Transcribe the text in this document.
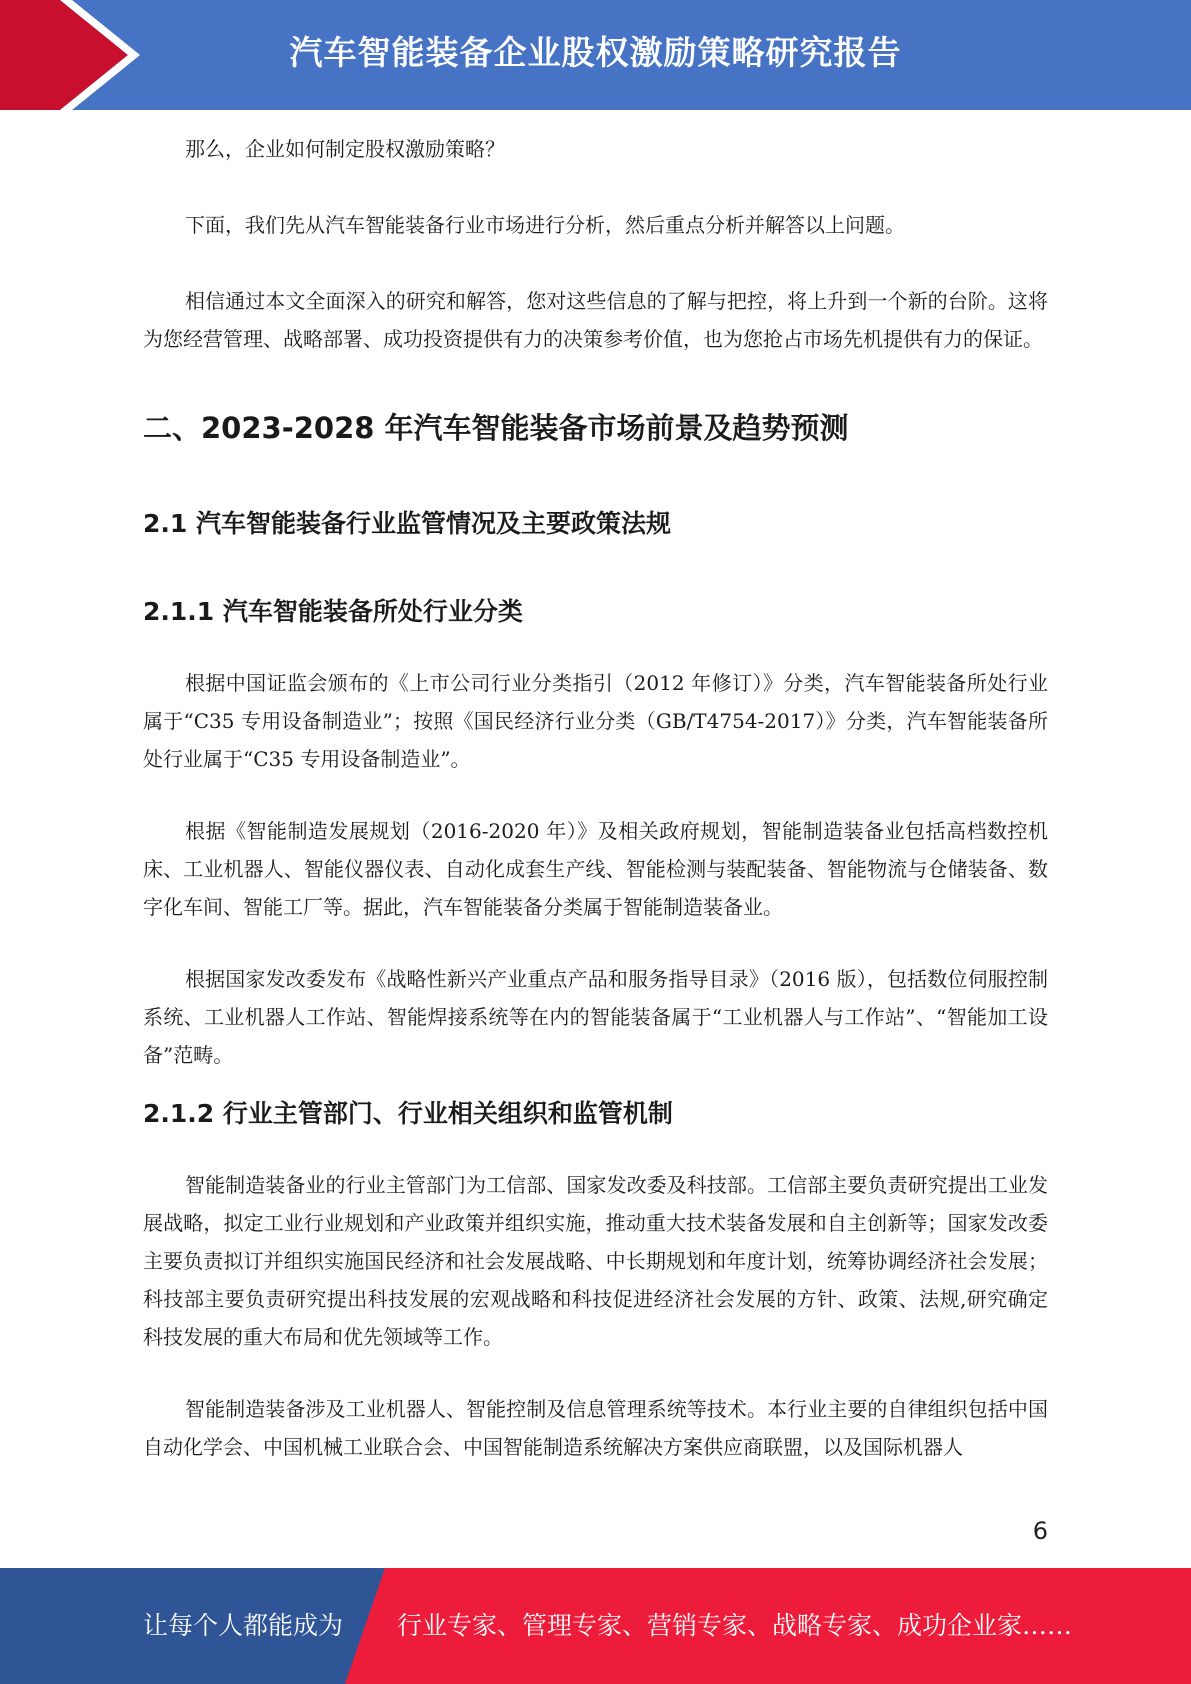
汽车智能装备企业股权激励策略研究报告

那么，企业如何制定股权激励策略？

下面，我们先从汽车智能装备行业市场进行分析，然后重点分析并解答以上问题。

相信通过本文全面深入的研究和解答，您对这些信息的了解与把控，将上升到一个新的台阶。这将为您经营管理、战略部署、成功投资提供有力的决策参考价值，也为您抢占市场先机提供有力的保证。

二、2023-2028 年汽车智能装备市场前景及趋势预测
2.1 汽车智能装备行业监管情况及主要政策法规
2.1.1 汽车智能装备所处行业分类

根据中国证监会颁布的《上市公司行业分类指引（2012 年修订）》分类，汽车智能装备所处行业属于“C35 专用设备制造业”；按照《国民经济行业分类（GB/T4754-2017）》分类，汽车智能装备所处行业属于“C35 专用设备制造业”。

根据《智能制造发展规划（2016-2020 年）》及相关政府规划，智能制造装备业包括高档数控机床、工业机器人、智能仪器仪表、自动化成套生产线、智能检测与装配装备、智能物流与仓储装备、数字化车间、智能工厂等。据此，汽车智能装备分类属于智能制造装备业。

根据国家发改委发布《战略性新兴产业重点产品和服务指导目录》（2016 版），包括数位伺服控制系统、工业机器人工作站、智能焊接系统等在内的智能装备属于“工业机器人与工作站”、“智能加工设备”范畴。

2.1.2 行业主管部门、行业相关组织和监管机制

智能制造装备业的行业主管部门为工信部、国家发改委及科技部。工信部主要负责研究提出工业发展战略，拟定工业行业规划和产业政策并组织实施，推动重大技术装备发展和自主创新等；国家发改委主要负责拟订并组织实施国民经济和社会发展战略、中长期规划和年度计划，统筹协调经济社会发展；科技部主要负责研究提出科技发展的宏观战略和科技促进经济社会发展的方针、政策、法规,研究确定科技发展的重大布局和优先领域等工作。

智能制造装备涉及工业机器人、智能控制及信息管理系统等技术。本行业主要的自律组织包括中国自动化学会、中国机械工业联合会、中国智能制造系统解决方案供应商联盟，以及国际机器人

6
让每个人都能成为 行业专家、管理专家、营销专家、战略专家、成功企业家……
